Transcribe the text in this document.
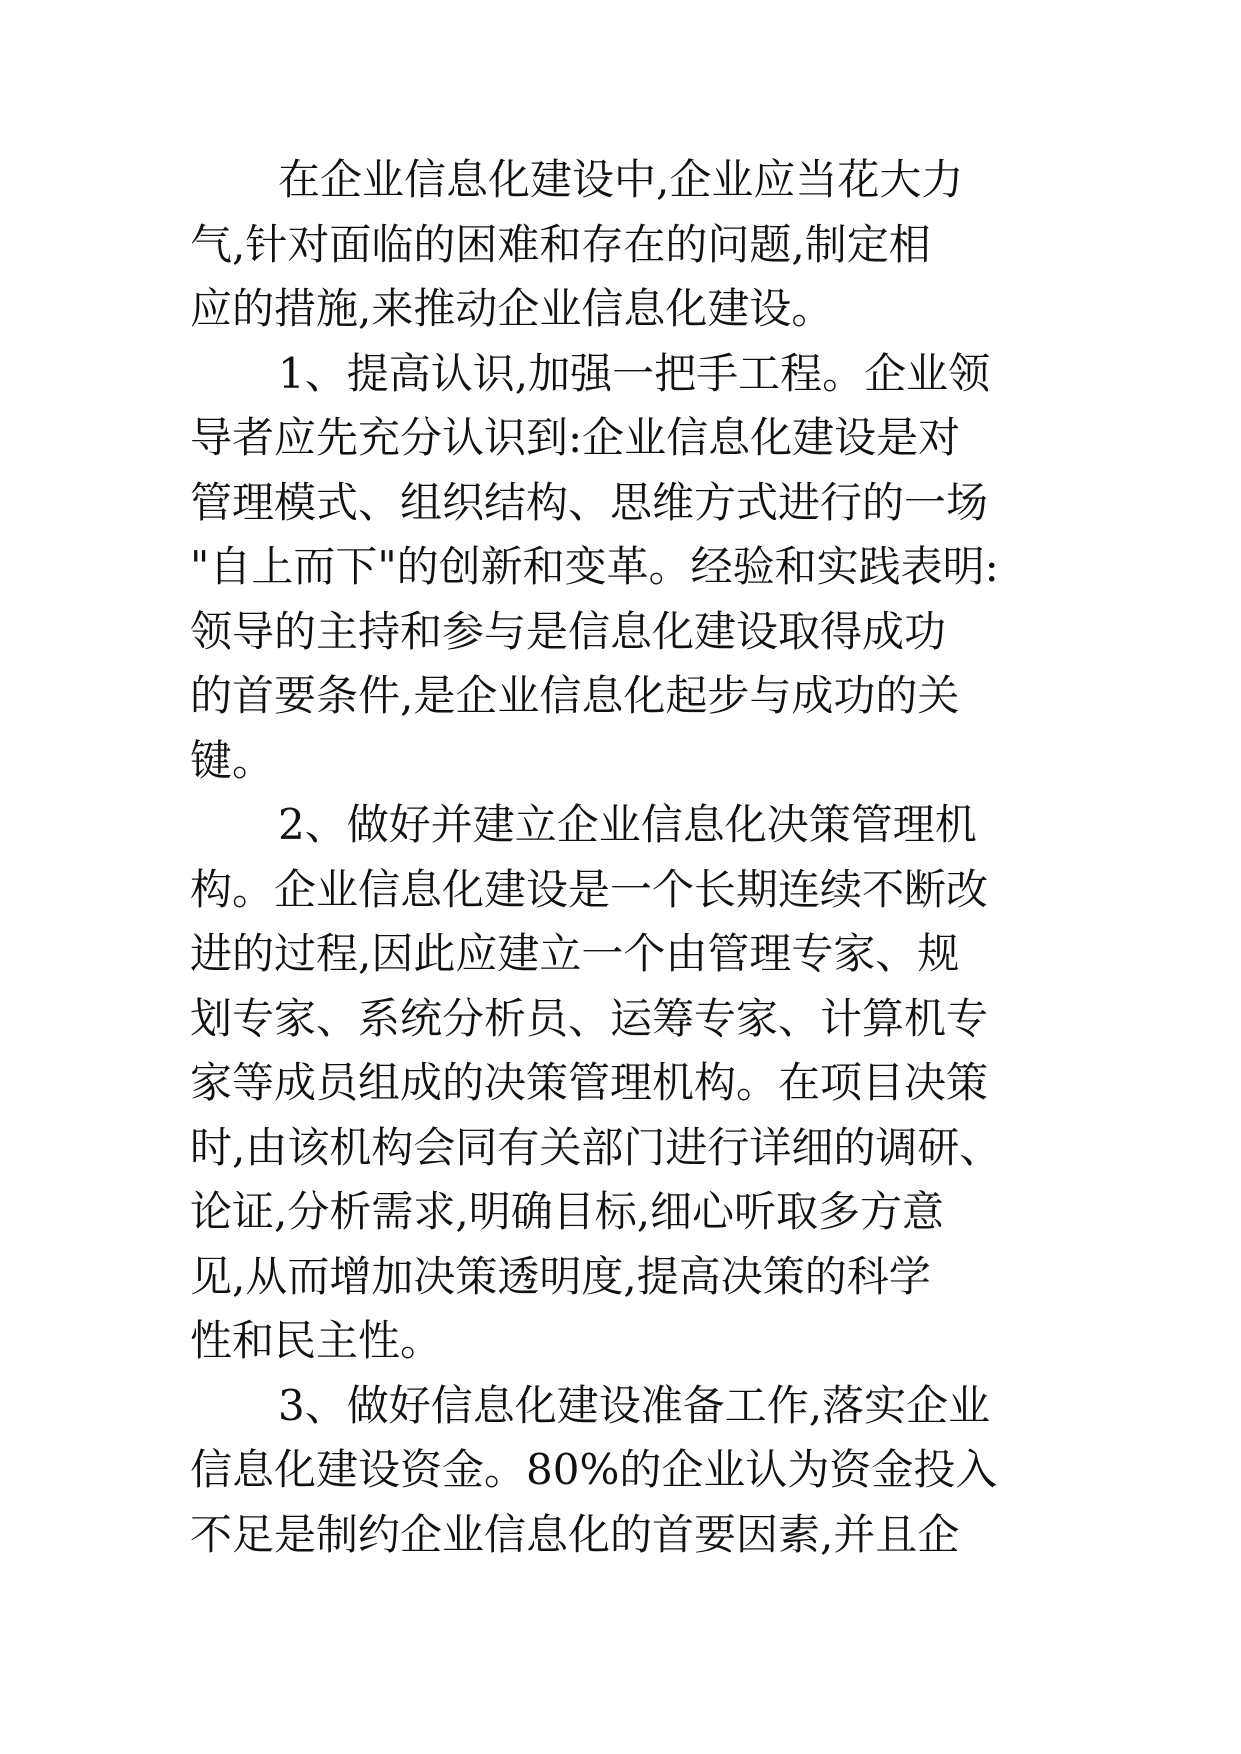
在企业信息化建设中,企业应当花大力
气,针对面临的困难和存在的问题,制定相
应的措施,来推动企业信息化建设。
1、提高认识,加强一把手工程。企业领
导者应先充分认识到:企业信息化建设是对
管理模式、组织结构、思维方式进行的一场
"自上而下"的创新和变革。经验和实践表明:
领导的主持和参与是信息化建设取得成功
的首要条件,是企业信息化起步与成功的关
键。
2、做好并建立企业信息化决策管理机
构。企业信息化建设是一个长期连续不断改
进的过程,因此应建立一个由管理专家、规
划专家、系统分析员、运筹专家、计算机专
家等成员组成的决策管理机构。在项目决策
时,由该机构会同有关部门进行详细的调研、
论证,分析需求,明确目标,细心听取多方意
见,从而增加决策透明度,提高决策的科学
性和民主性。
3、做好信息化建设准备工作,落实企业
信息化建设资金。80%的企业认为资金投入
不足是制约企业信息化的首要因素,并且企
